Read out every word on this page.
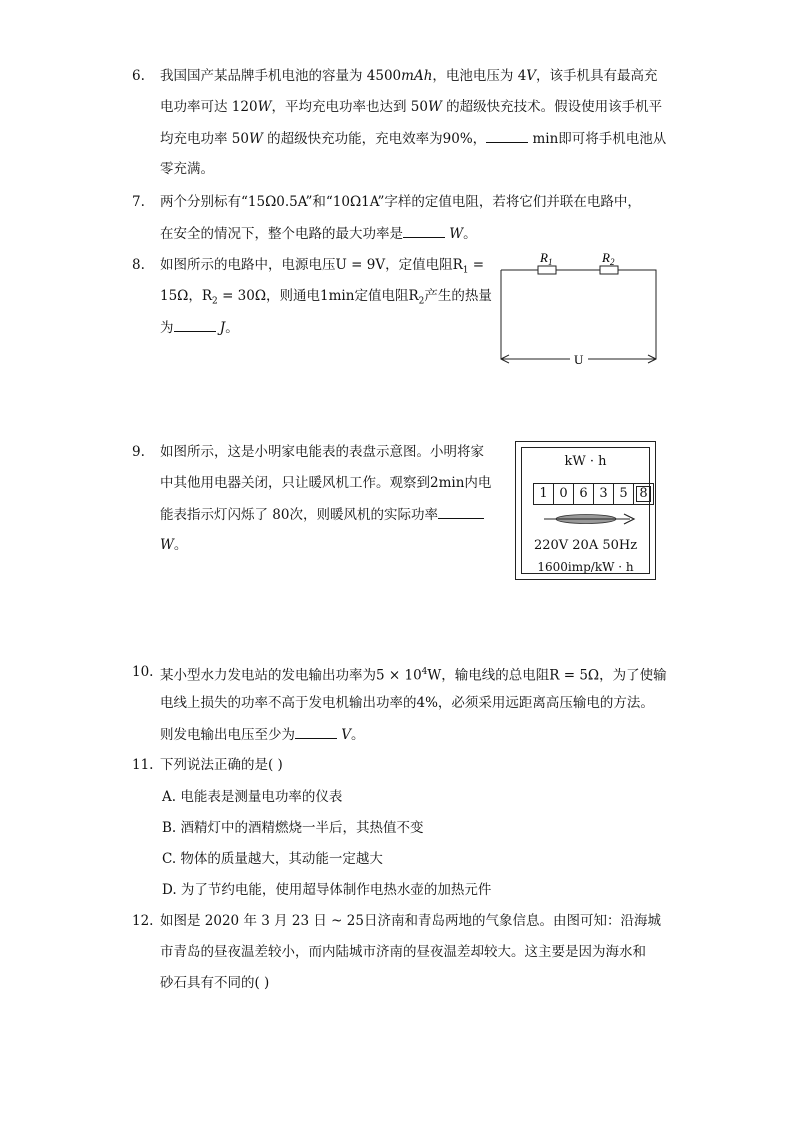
6.	我国国产某品牌手机电池的容量为 4500mAh，电池电压为 4V，该手机具有最高充
电功率可达 120W，平均充电功率也达到 50W 的超级快充技术。假设使用该手机平
均充电功率 50W 的超级快充功能，充电效率为90%，	min即可将手机电池从
零充满。
7.	两个分别标有“15Ω0.5A”和“10Ω1A”字样的定值电阻，若将它们并联在电路中，
在安全的情况下，整个电路的最大功率是	W。
8.	如图所示的电路中，电源电压U = 9V，定值电阻$R_1$ =
15Ω，$R_2 = 30\Omega$，则通电1min定值电阻$R_2$产生的热量
为	J。
$R_1$	$R_2$
U
9.	如图所示，这是小明家电能表的表盘示意图。小明将家
中其他用电器关闭，只让暖风机工作。观察到2min内电
能表指示灯闪烁了 80次，则暖风机的实际功率
W。
kW · h
1 0 6 3 5 8
220V 20A 50Hz
1600imp/kW · h
10. 某小型水力发电站的发电输出功率为$5 \times 10^4W$，输电线的总电阻R = 5Ω，为了使输
电线上损失的功率不高于发电机输出功率的4%，必须采用远距离高压输电的方法。
则发电输出电压至少为	V。
11. 下列说法正确的是( )
A. 电能表是测量电功率的仪表
B. 酒精灯中的酒精燃烧一半后，其热值不变
C. 物体的质量越大，其动能一定越大
D. 为了节约电能，使用超导体制作电热水壶的加热元件
12. 如图是 2020 年 3 月 23 日 ~ 25日济南和青岛两地的气象信息。由图可知：沿海城
市青岛的昼夜温差较小，而内陆城市济南的昼夜温差却较大。这主要是因为海水和
砂石具有不同的( )
